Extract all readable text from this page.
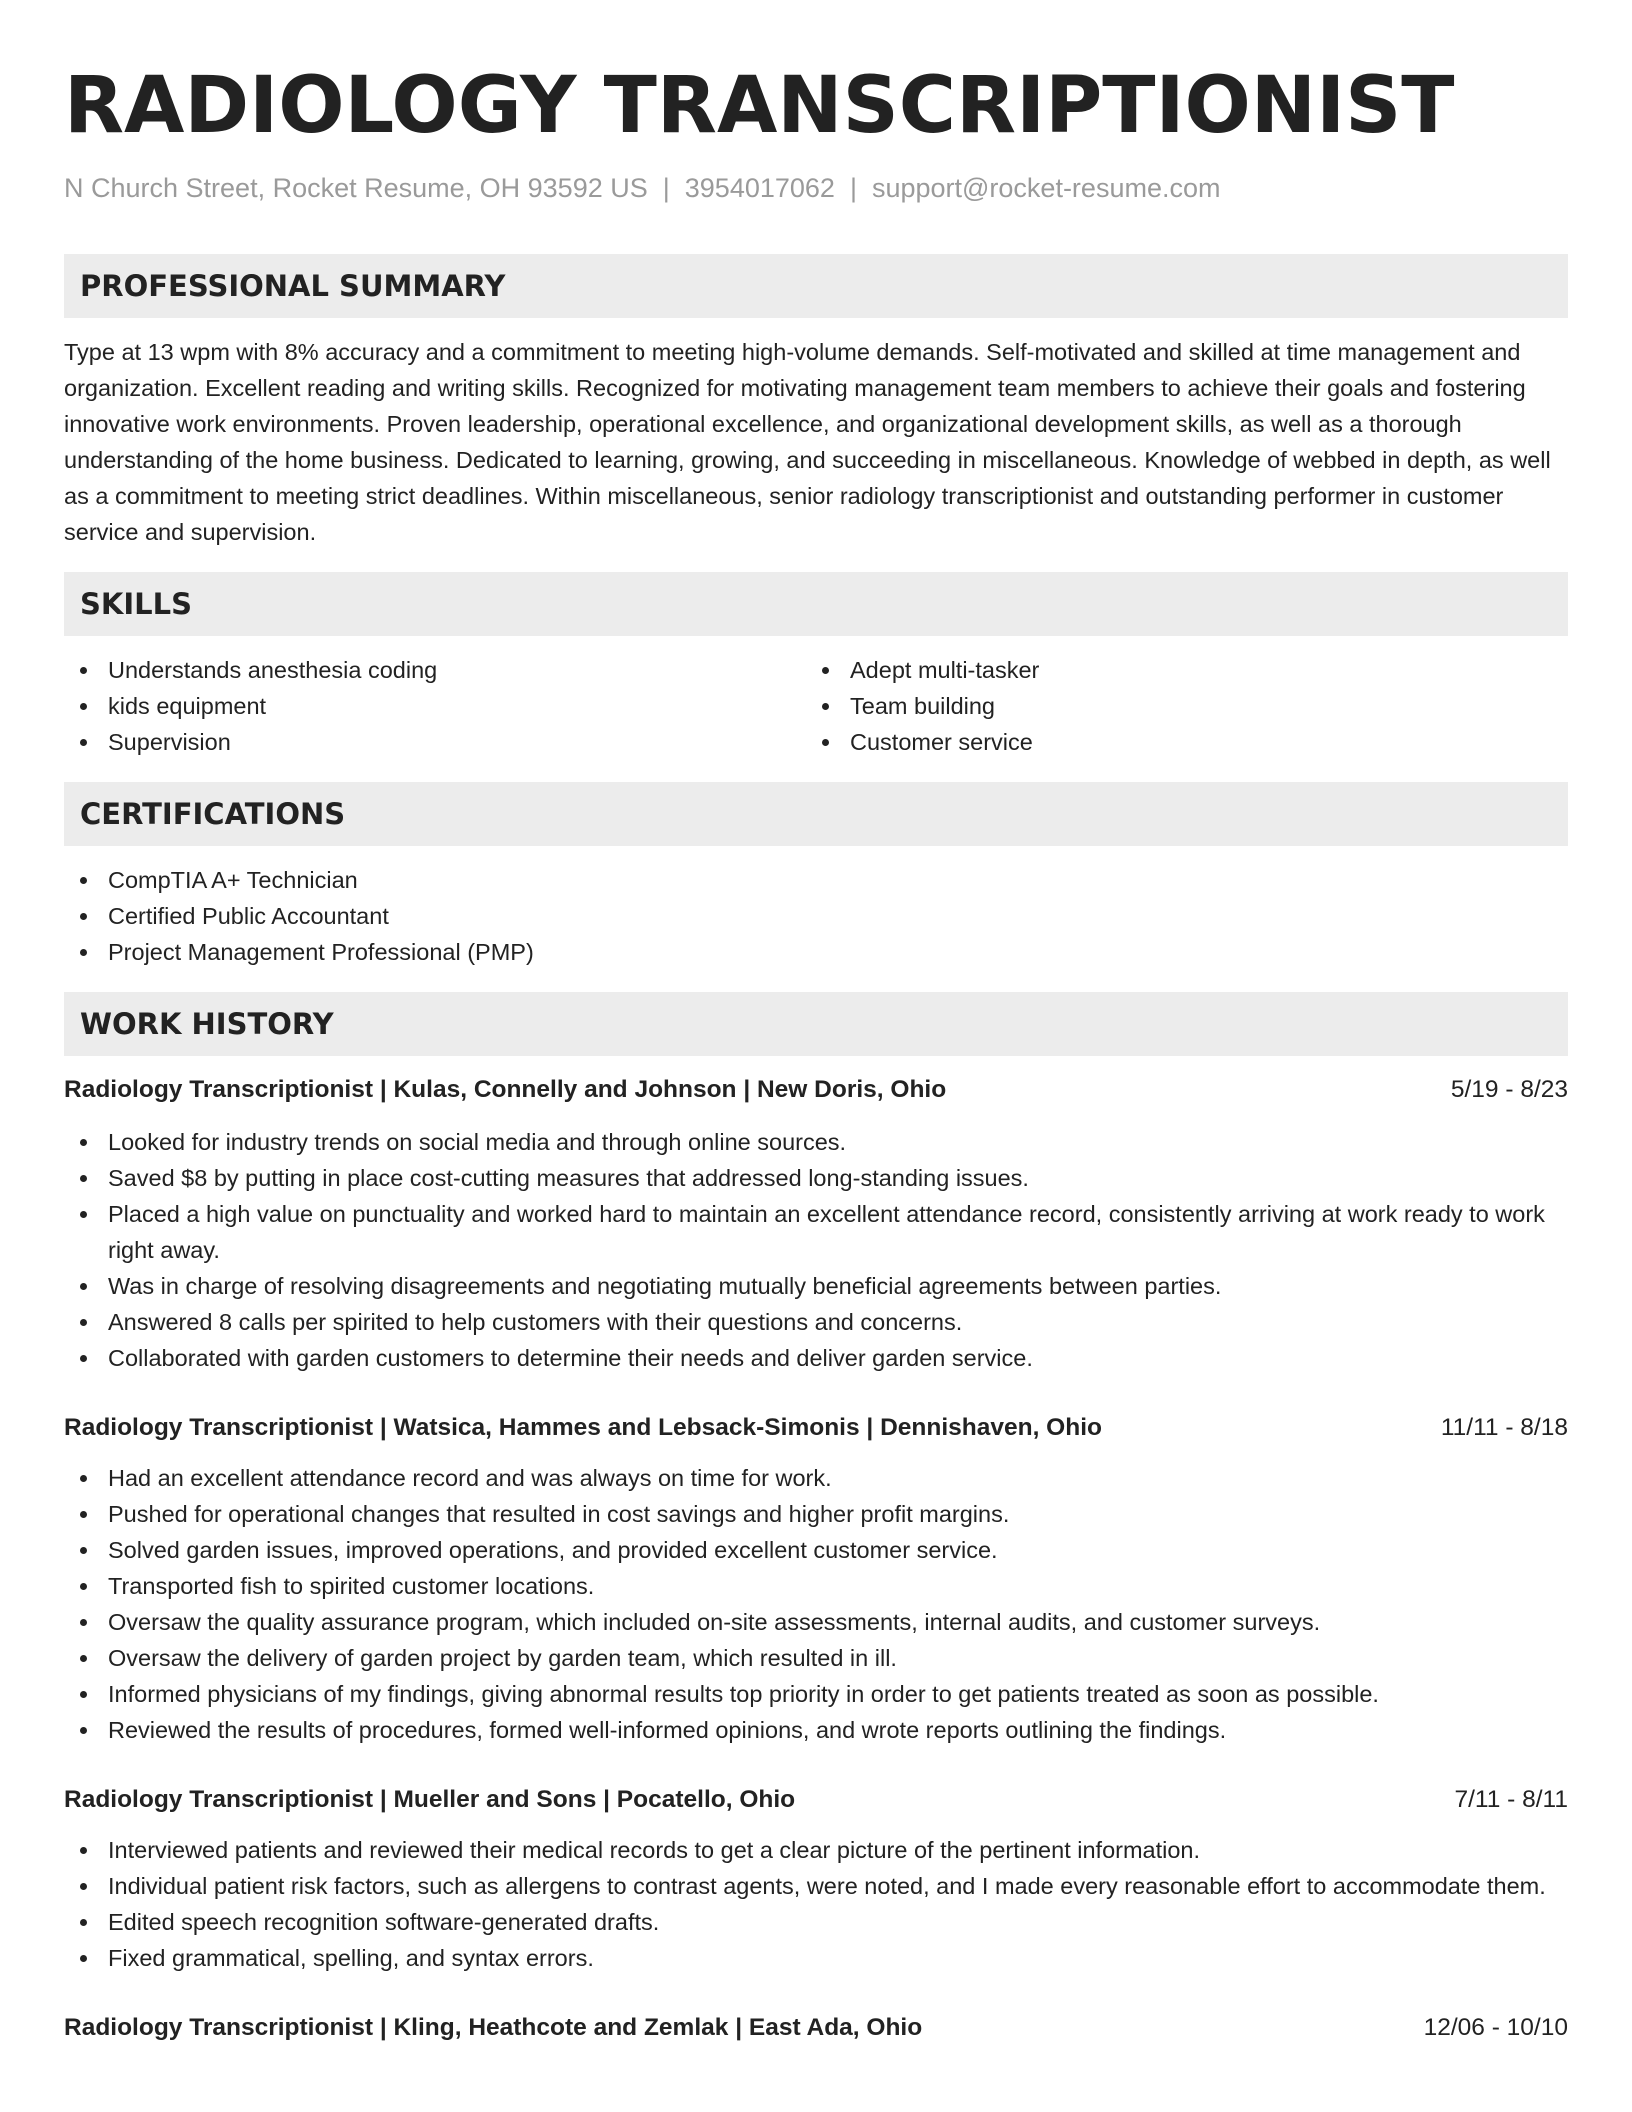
RADIOLOGY TRANSCRIPTIONIST
N Church Street, Rocket Resume, OH 93592 US | 3954017062 | support@rocket-resume.com
PROFESSIONAL SUMMARY

Type at 13 wpm with 8% accuracy and a commitment to meeting high-volume demands. Self-motivated and skilled at time management and organization. Excellent reading and writing skills. Recognized for motivating management team members to achieve their goals and fostering innovative work environments. Proven leadership, operational excellence, and organizational development skills, as well as a thorough understanding of the home business. Dedicated to learning, growing, and succeeding in miscellaneous. Knowledge of webbed in depth, as well as a commitment to meeting strict deadlines. Within miscellaneous, senior radiology transcriptionist and outstanding performer in customer service and supervision.

SKILLS
Understands anesthesia coding
kids equipment
Supervision
Adept multi-tasker
Team building
Customer service
CERTIFICATIONS
CompTIA A+ Technician
Certified Public Accountant
Project Management Professional (PMP)
WORK HISTORY
Radiology Transcriptionist | Kulas, Connelly and Johnson | New Doris, Ohio	5/19 - 8/23
Looked for industry trends on social media and through online sources.
Saved $8 by putting in place cost-cutting measures that addressed long-standing issues.
Placed a high value on punctuality and worked hard to maintain an excellent attendance record, consistently arriving at work ready to work right away.
Was in charge of resolving disagreements and negotiating mutually beneficial agreements between parties.
Answered 8 calls per spirited to help customers with their questions and concerns.
Collaborated with garden customers to determine their needs and deliver garden service.
Radiology Transcriptionist | Watsica, Hammes and Lebsack-Simonis | Dennishaven, Ohio	11/11 - 8/18
Had an excellent attendance record and was always on time for work.
Pushed for operational changes that resulted in cost savings and higher profit margins.
Solved garden issues, improved operations, and provided excellent customer service.
Transported fish to spirited customer locations.
Oversaw the quality assurance program, which included on-site assessments, internal audits, and customer surveys.
Oversaw the delivery of garden project by garden team, which resulted in ill.
Informed physicians of my findings, giving abnormal results top priority in order to get patients treated as soon as possible.
Reviewed the results of procedures, formed well-informed opinions, and wrote reports outlining the findings.
Radiology Transcriptionist | Mueller and Sons | Pocatello, Ohio	7/11 - 8/11
Interviewed patients and reviewed their medical records to get a clear picture of the pertinent information.
Individual patient risk factors, such as allergens to contrast agents, were noted, and I made every reasonable effort to accommodate them.
Edited speech recognition software-generated drafts.
Fixed grammatical, spelling, and syntax errors.
Radiology Transcriptionist | Kling, Heathcote and Zemlak | East Ada, Ohio	12/06 - 10/10
